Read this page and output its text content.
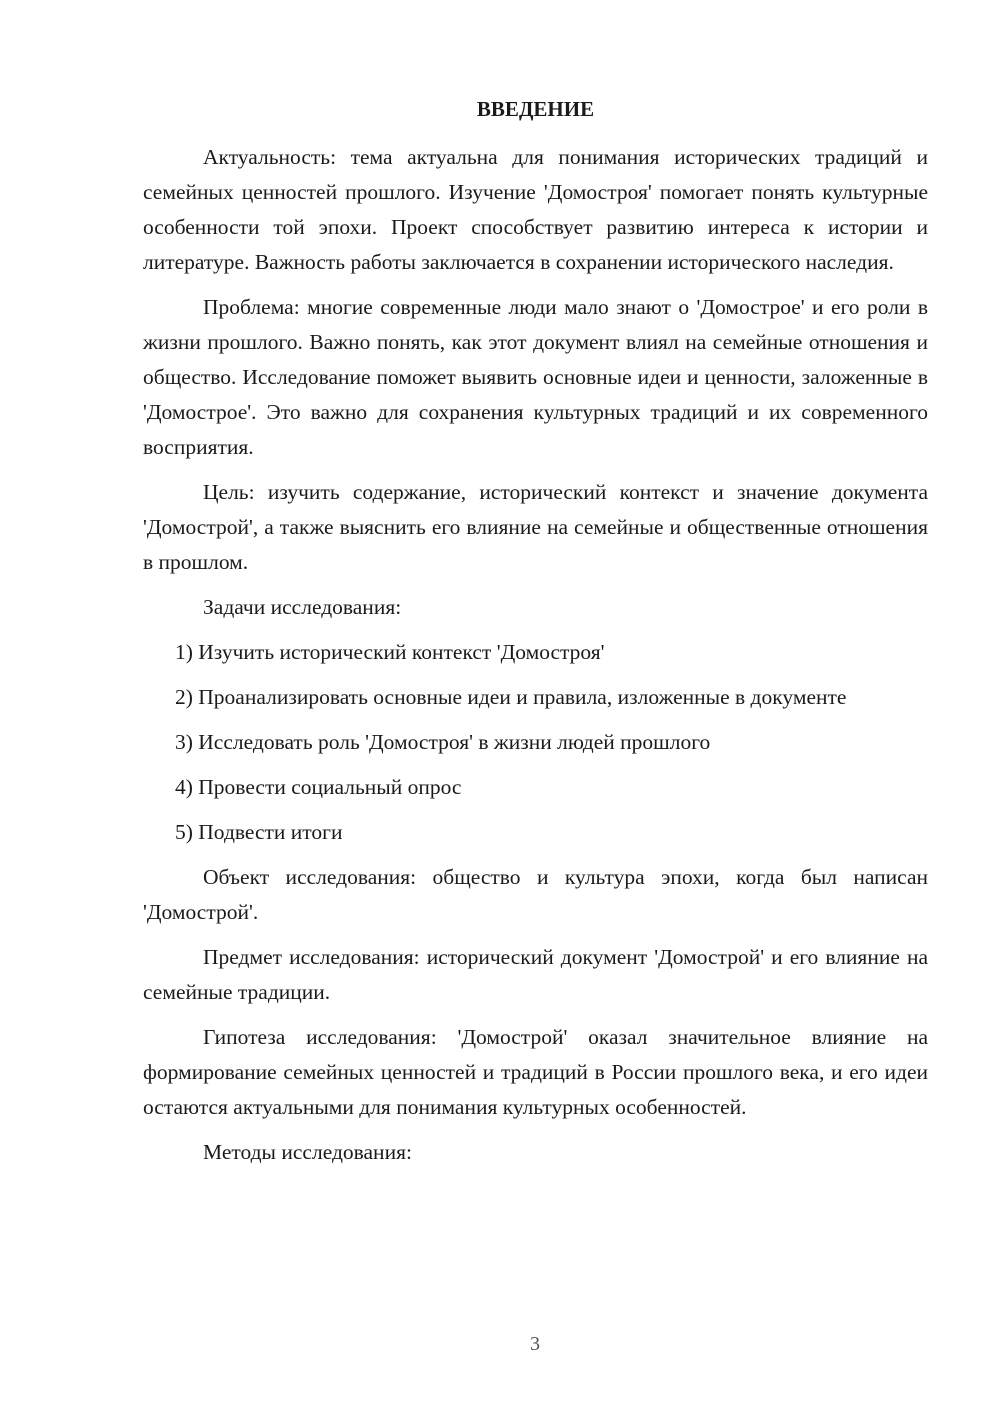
ВВЕДЕНИЕ

Актуальность: тема актуальна для понимания исторических традиций и семейных ценностей прошлого. Изучение 'Домостроя' помогает понять культурные особенности той эпохи. Проект способствует развитию интереса к истории и литературе. Важность работы заключается в сохранении исторического наследия.

Проблема: многие современные люди мало знают о 'Домострое' и его роли в жизни прошлого. Важно понять, как этот документ влиял на семейные отношения и общество. Исследование поможет выявить основные идеи и ценности, заложенные в 'Домострое'. Это важно для сохранения культурных традиций и их современного восприятия.

Цель: изучить содержание, исторический контекст и значение документа 'Домострой', а также выяснить его влияние на семейные и общественные отношения в прошлом.

Задачи исследования:

1) Изучить исторический контекст 'Домостроя'

2) Проанализировать основные идеи и правила, изложенные в документе

3) Исследовать роль 'Домостроя' в жизни людей прошлого

4) Провести социальный опрос

5) Подвести итоги

Объект исследования: общество и культура эпохи, когда был написан 'Домострой'.

Предмет исследования: исторический документ 'Домострой' и его влияние на семейные традиции.

Гипотеза исследования: 'Домострой' оказал значительное влияние на формирование семейных ценностей и традиций в России прошлого века, и его идеи остаются актуальными для понимания культурных особенностей.

Методы исследования:

3
